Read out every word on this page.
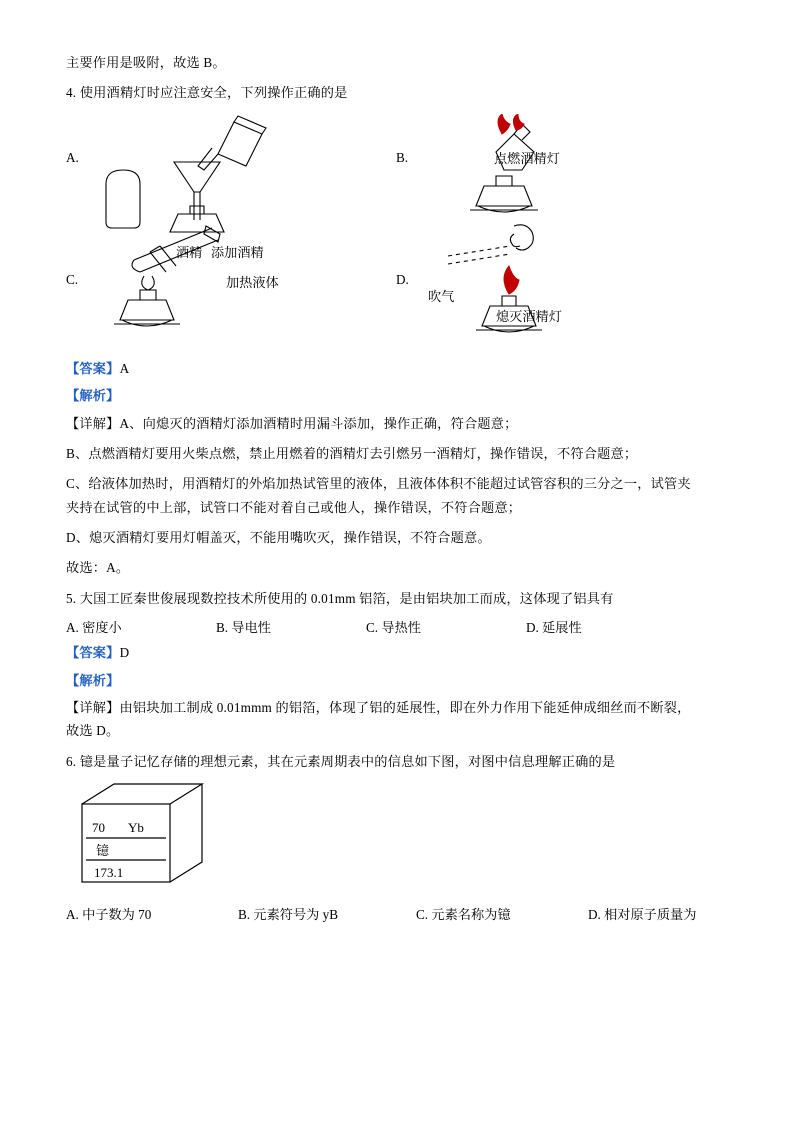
主要作用是吸附，故选 B。

4. 使用酒精灯时应注意安全，下列操作正确的是

A.
酒精 添加酒精
B.	点燃酒精灯
C.	加热液体	D.
吹气
熄灭酒精灯

【答案】A

【解析】

【详解】A、向熄灭的酒精灯添加酒精时用漏斗添加，操作正确，符合题意；

B、点燃酒精灯要用火柴点燃，禁止用燃着的酒精灯去引燃另一酒精灯，操作错误，不符合题意；

C、给液体加热时，用酒精灯的外焰加热试管里的液体，且液体体积不能超过试管容积的三分之一，试管夹

夹持在试管的中上部，试管口不能对着自己或他人，操作错误，不符合题意；

D、熄灭酒精灯要用灯帽盖灭，不能用嘴吹灭，操作错误，不符合题意。

故选：A。

5. 大国工匠秦世俊展现数控技术所使用的 0.01mm 铝箔，是由铝块加工而成，这体现了铝具有

A. 密度小	B. 导电性	C. 导热性	D. 延展性

【答案】D

【解析】

【详解】由铝块加工制成 0.01mmm 的铝箔，体现了铝的延展性，即在外力作用下能延伸成细丝而不断裂，

故选 D。

6. 镱是量子记忆存储的理想元素，其在元素周期表中的信息如下图，对图中信息理解正确的是

70 Yb
镱
173.1
A. 中子数为 70	B. 元素符号为 yB	C. 元素名称为镱	D. 相对原子质量为
